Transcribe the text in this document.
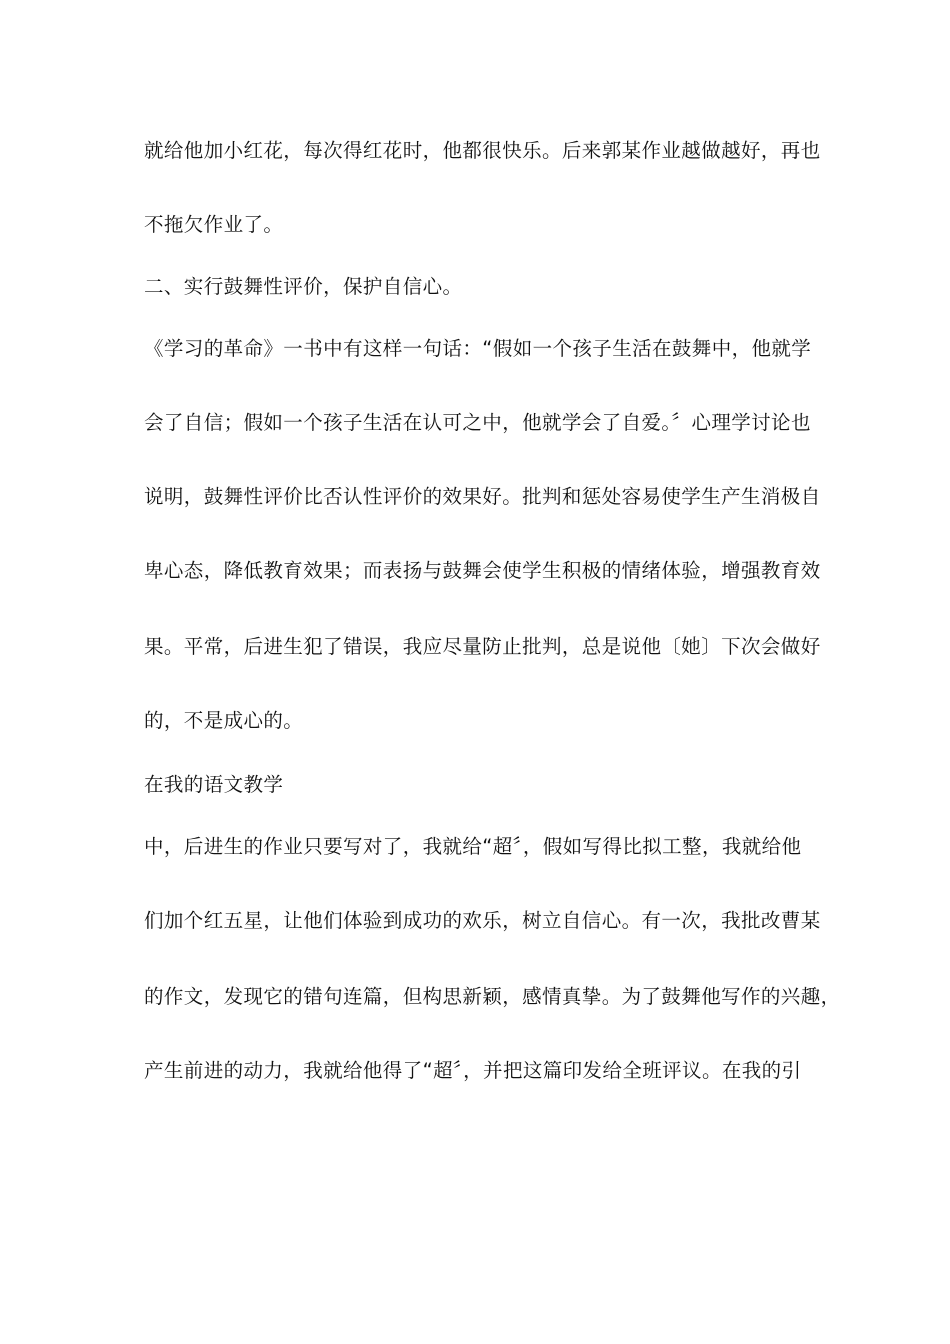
就给他加小红花，每次得红花时，他都很快乐。后来郭某作业越做越好，再也
不拖欠作业了。
二、实行鼓舞性评价，保护自信心。
《学习的革命》一书中有这样一句话：“假如一个孩子生活在鼓舞中，他就学
会了自信；假如一个孩子生活在认可之中，他就学会了自爱。〞心理学讨论也
说明，鼓舞性评价比否认性评价的效果好。批判和惩处容易使学生产生消极自
卑心态，降低教育效果；而表扬与鼓舞会使学生积极的情绪体验，增强教育效
果。平常，后进生犯了错误，我应尽量防止批判，总是说他〔她〕下次会做好
的，不是成心的。
在我的语文教学
中，后进生的作业只要写对了，我就给“超〞，假如写得比拟工整，我就给他
们加个红五星，让他们体验到成功的欢乐，树立自信心。有一次，我批改曹某
的作文，发现它的错句连篇，但构思新颖，感情真挚。为了鼓舞他写作的兴趣，
产生前进的动力，我就给他得了“超〞，并把这篇印发给全班评议。在我的引
